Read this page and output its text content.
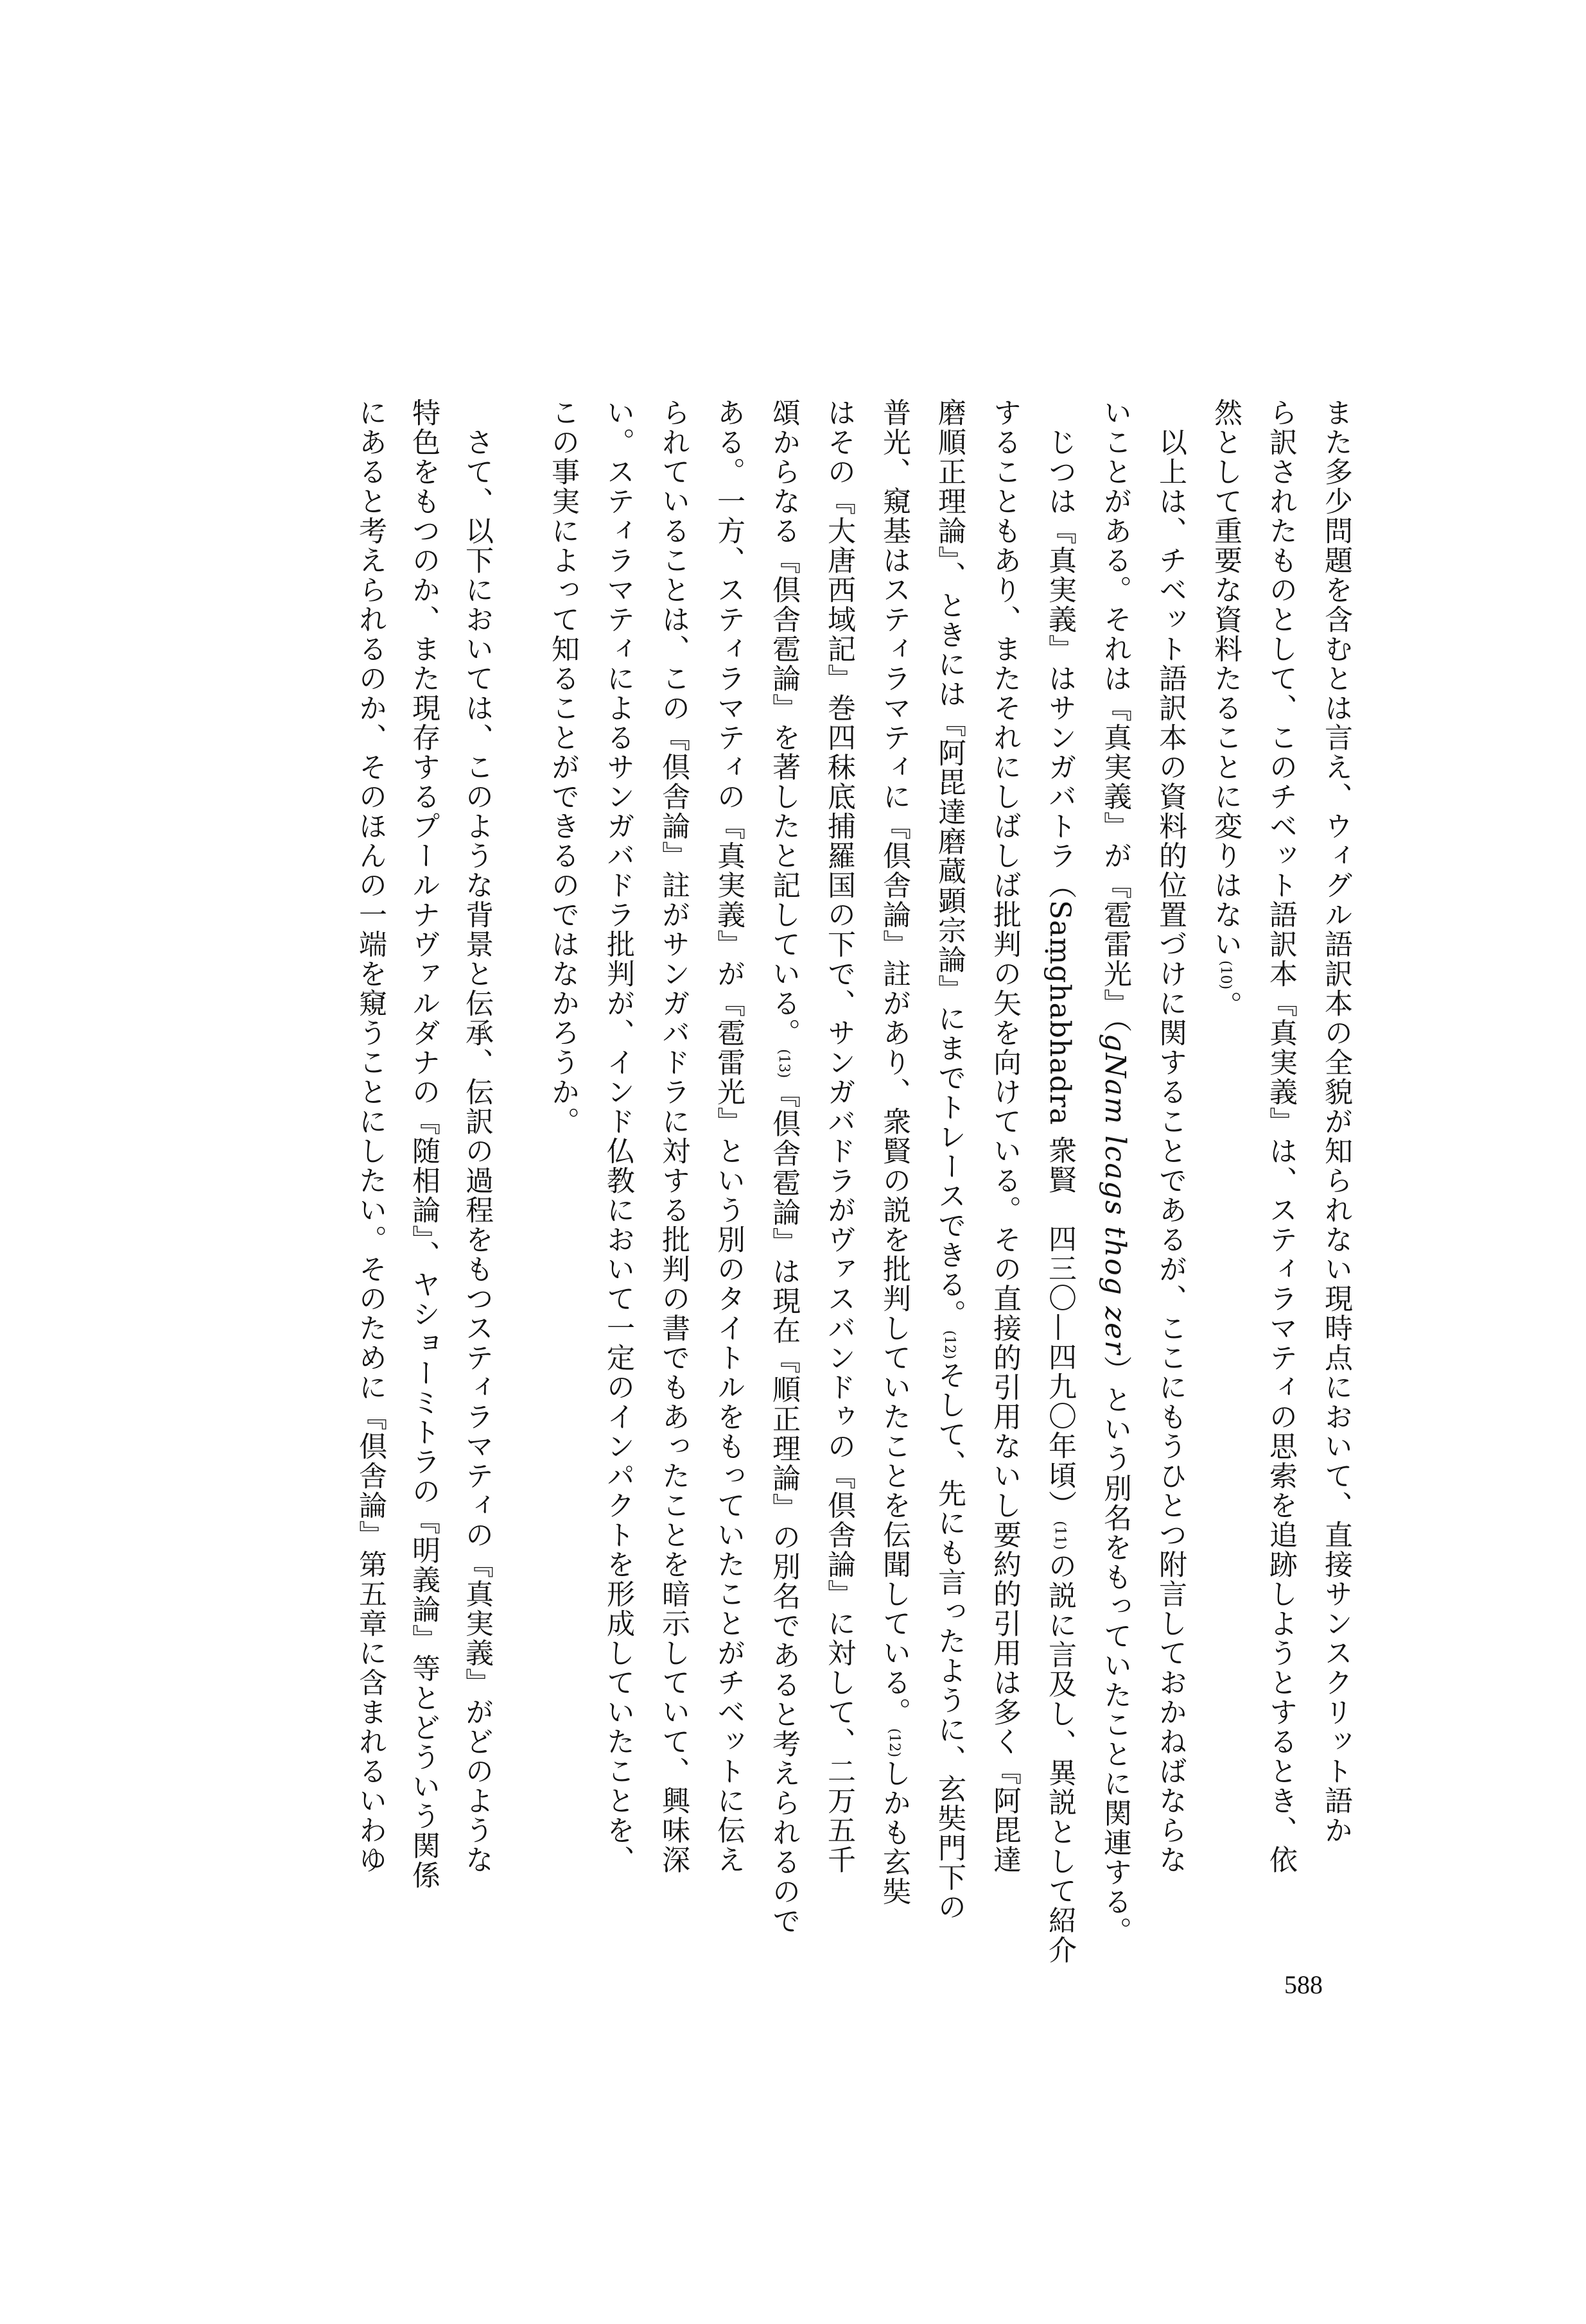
また多少問題を含むとは言え、ウィグル語訳本の全貌が知られない現時点において、直接サンスクリット語か
ら訳されたものとして、このチベット語訳本『真実義』は、スティラマティの思索を追跡しようとするとき、依
然として重要な資料たることに変りはない(10)。
　以上は、チベット語訳本の資料的位置づけに関することであるが、ここにもうひとつ附言しておかねばならな
いことがある。それは『真実義』が『雹雷光』（gNam lcags thog zer）という別名をもっていたことに関連する。
　じつは『真実義』はサンガバトラ（Saṃghabhadra 衆賢　四三〇—四九〇年頃）(11)の説に言及し、異説として紹介
することもあり、またそれにしばしば批判の矢を向けている。その直接的引用ないし要約的引用は多く『阿毘達
磨順正理論』、ときには『阿毘達磨蔵顕宗論』にまでトレースできる。(12)そして、先にも言ったように、玄奘門下の
普光、窺基はスティラマティに『倶舎論』註があり、衆賢の説を批判していたことを伝聞している。(12)しかも玄奘
はその『大唐西域記』巻四秣底捕羅国の下で、サンガバドラがヴァスバンドゥの『倶舎論』に対して、二万五千
頌からなる『倶舎雹論』を著したと記している。(13)『倶舎雹論』は現在『順正理論』の別名であると考えられるので
ある。一方、スティラマティの『真実義』が『雹雷光』という別のタイトルをもっていたことがチベットに伝え
られていることは、この『倶舎論』註がサンガバドラに対する批判の書でもあったことを暗示していて、興味深
い。スティラマティによるサンガバドラ批判が、インド仏教において一定のインパクトを形成していたことを、
この事実によって知ることができるのではなかろうか。
　さて、以下においては、このような背景と伝承、伝訳の過程をもつスティラマティの『真実義』がどのような
特色をもつのか、また現存するプールナヴァルダナの『随相論』、ヤショーミトラの『明義論』等とどういう関係
にあると考えられるのか、そのほんの一端を窺うことにしたい。そのために『倶舎論』第五章に含まれるいわゆ
588
